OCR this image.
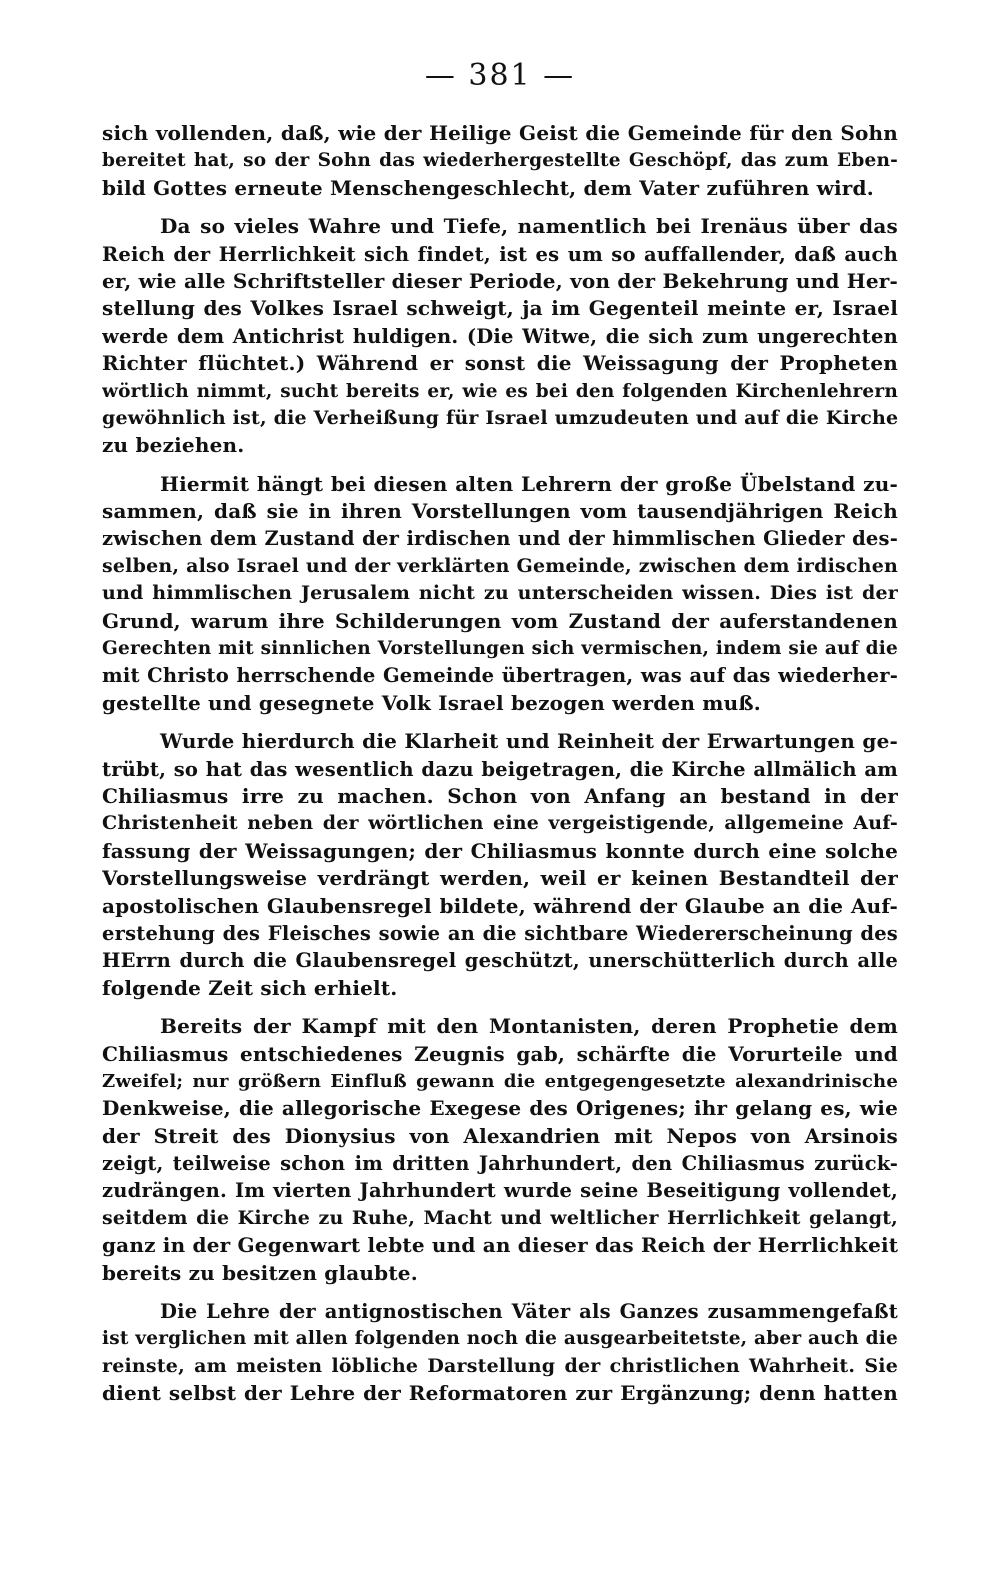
— 381 —
sich vollenden, daß, wie der Heilige Geist die Gemeinde für den Sohn
bereitet hat, so der Sohn das wiederhergestellte Geschöpf, das zum Eben-
bild Gottes erneute Menschengeschlecht, dem Vater zuführen wird.
Da so vieles Wahre und Tiefe, namentlich bei Irenäus über das
Reich der Herrlichkeit sich findet, ist es um so auffallender, daß auch
er, wie alle Schriftsteller dieser Periode, von der Bekehrung und Her-
stellung des Volkes Israel schweigt, ja im Gegenteil meinte er, Israel
werde dem Antichrist huldigen. (Die Witwe, die sich zum ungerechten
Richter flüchtet.) Während er sonst die Weissagung der Propheten
wörtlich nimmt, sucht bereits er, wie es bei den folgenden Kirchenlehrern
gewöhnlich ist, die Verheißung für Israel umzudeuten und auf die Kirche
zu beziehen.
Hiermit hängt bei diesen alten Lehrern der große Übelstand zu-
sammen, daß sie in ihren Vorstellungen vom tausendjährigen Reich
zwischen dem Zustand der irdischen und der himmlischen Glieder des-
selben, also Israel und der verklärten Gemeinde, zwischen dem irdischen
und himmlischen Jerusalem nicht zu unterscheiden wissen. Dies ist der
Grund, warum ihre Schilderungen vom Zustand der auferstandenen
Gerechten mit sinnlichen Vorstellungen sich vermischen, indem sie auf die
mit Christo herrschende Gemeinde übertragen, was auf das wiederher-
gestellte und gesegnete Volk Israel bezogen werden muß.
Wurde hierdurch die Klarheit und Reinheit der Erwartungen ge-
trübt, so hat das wesentlich dazu beigetragen, die Kirche allmälich am
Chiliasmus irre zu machen. Schon von Anfang an bestand in der
Christenheit neben der wörtlichen eine vergeistigende, allgemeine Auf-
fassung der Weissagungen; der Chiliasmus konnte durch eine solche
Vorstellungsweise verdrängt werden, weil er keinen Bestandteil der
apostolischen Glaubensregel bildete, während der Glaube an die Auf-
erstehung des Fleisches sowie an die sichtbare Wiedererscheinung des
HErrn durch die Glaubensregel geschützt, unerschütterlich durch alle
folgende Zeit sich erhielt.
Bereits der Kampf mit den Montanisten, deren Prophetie dem
Chiliasmus entschiedenes Zeugnis gab, schärfte die Vorurteile und
Zweifel; nur größern Einfluß gewann die entgegengesetzte alexandrinische
Denkweise, die allegorische Exegese des Origenes; ihr gelang es, wie
der Streit des Dionysius von Alexandrien mit Nepos von Arsinois
zeigt, teilweise schon im dritten Jahrhundert, den Chiliasmus zurück-
zudrängen. Im vierten Jahrhundert wurde seine Beseitigung vollendet,
seitdem die Kirche zu Ruhe, Macht und weltlicher Herrlichkeit gelangt,
ganz in der Gegenwart lebte und an dieser das Reich der Herrlichkeit
bereits zu besitzen glaubte.
Die Lehre der antignostischen Väter als Ganzes zusammengefaßt
ist verglichen mit allen folgenden noch die ausgearbeitetste, aber auch die
reinste, am meisten löbliche Darstellung der christlichen Wahrheit. Sie
dient selbst der Lehre der Reformatoren zur Ergänzung; denn hatten
